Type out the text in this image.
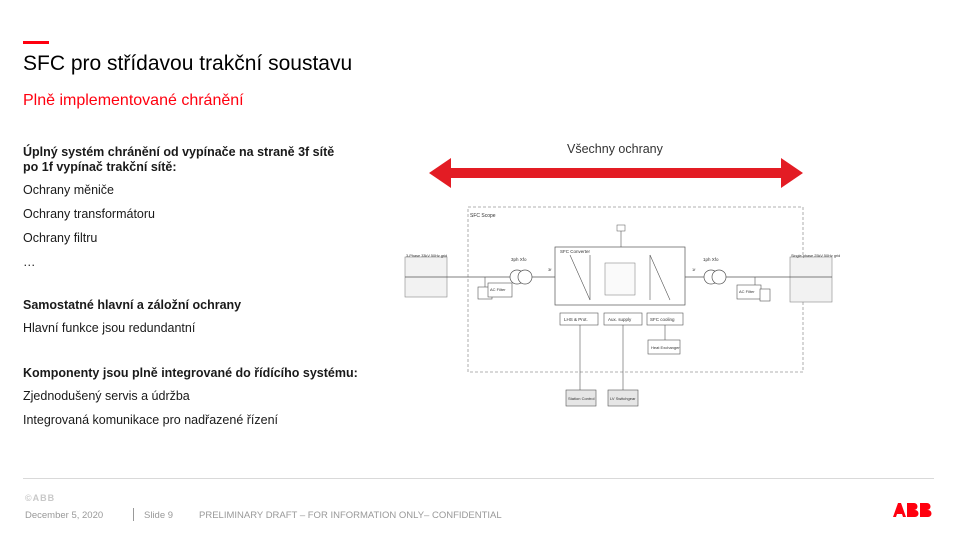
SFC pro střídavou trakční soustavu
Plně implementované chránění
Úplný systém chránění od vypínače na straně 3f sítě
po 1f vypínač trakční sítě:
Ochrany měniče
Ochrany transformátoru
Ochrany filtru
…
Samostatné hlavní a záložní ochrany
Hlavní funkce jsou redundantní
Komponenty jsou plně integrované do řídícího systému:
Zjednodušený servis a údržba
Integrovaná komunikace pro nadřazené řízení
Všechny ochrany
SFC Scope
3-Phase 33kV 50Hz grid	Single-phase 25kV 50Hz grid
AC Filter
3ph Xfo
3f
SFC Converter
1f
1ph Xfo
AC Filter
LHS & Prot.	Aux. supply	SFC cooling
Heat Exchanger
Station Control	LV Switchgear
©ABB
December 5, 2020	Slide 9	PRELIMINARY DRAFT – FOR INFORMATION ONLY– CONFIDENTIAL
